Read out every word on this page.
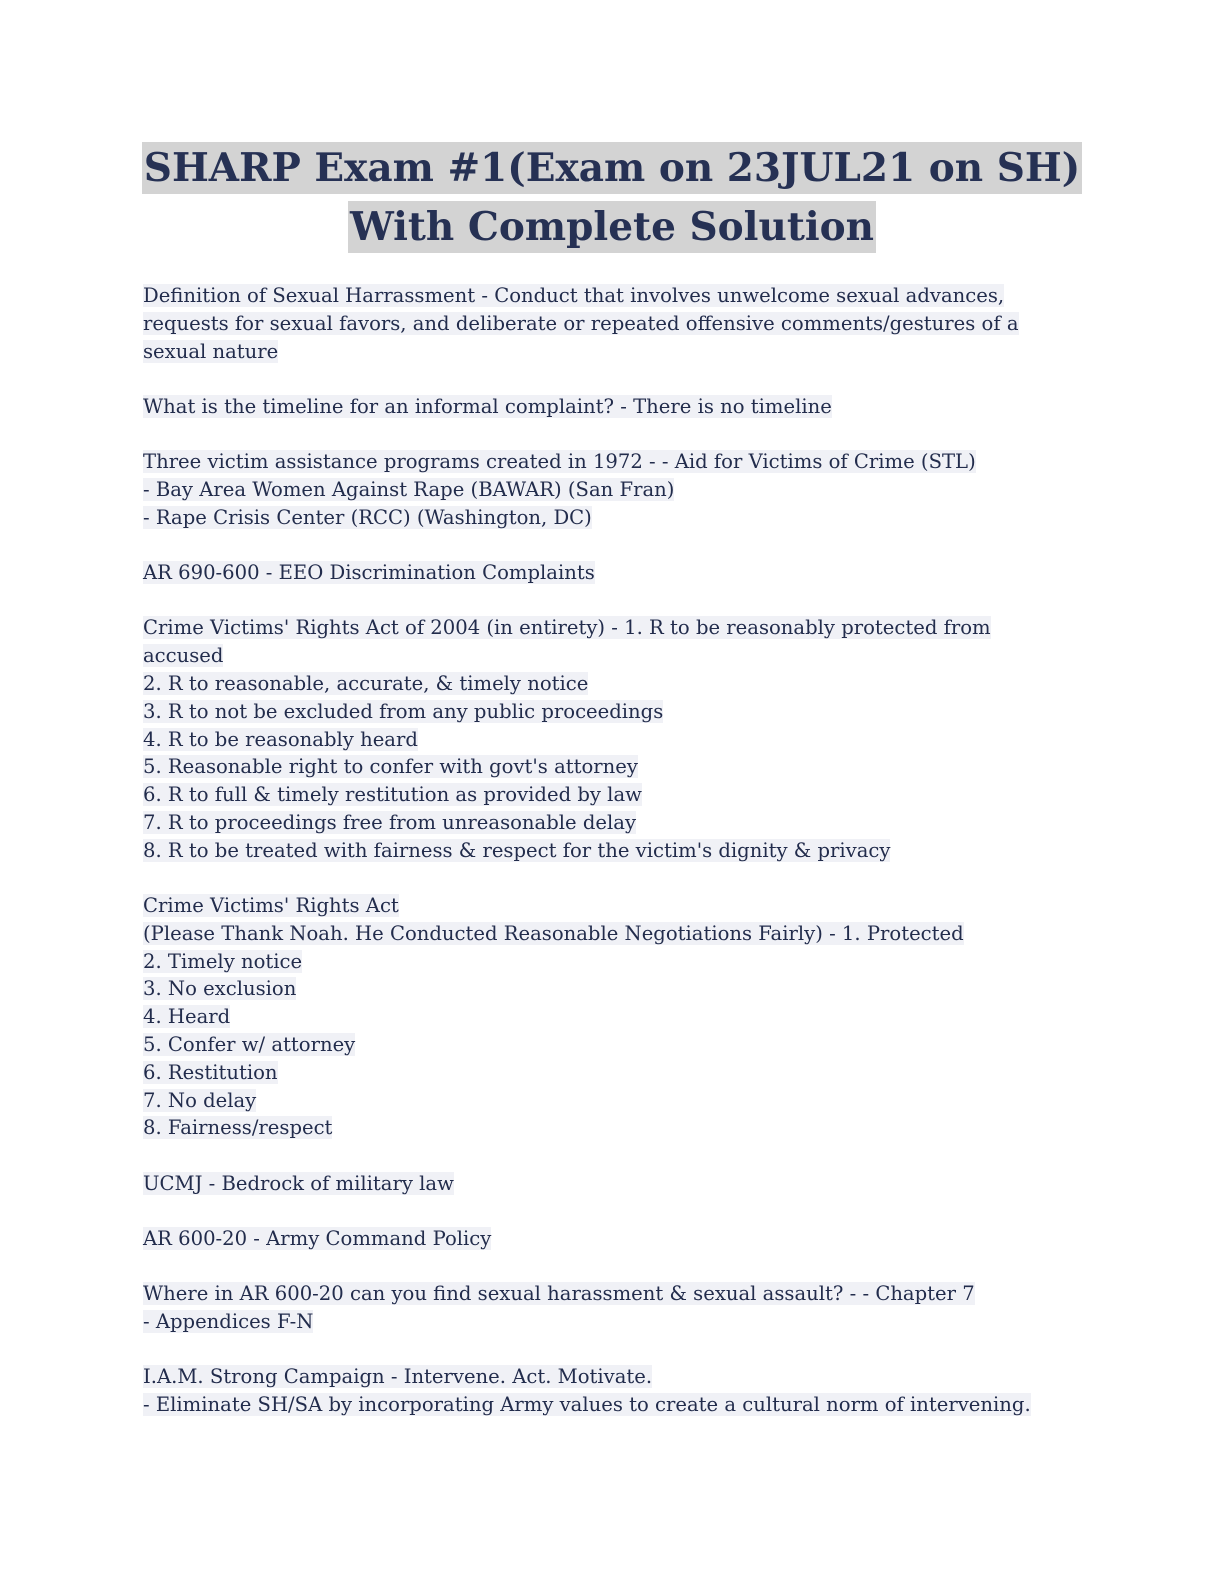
SHARP Exam #1(Exam on 23JUL21 on SH)
With Complete Solution
Definition of Sexual Harrassment - Conduct that involves unwelcome sexual advances,
requests for sexual favors, and deliberate or repeated offensive comments/gestures of a
sexual nature
What is the timeline for an informal complaint? - There is no timeline
Three victim assistance programs created in 1972 - - Aid for Victims of Crime (STL)
- Bay Area Women Against Rape (BAWAR) (San Fran)
- Rape Crisis Center (RCC) (Washington, DC)
AR 690-600 - EEO Discrimination Complaints
Crime Victims' Rights Act of 2004 (in entirety) - 1. R to be reasonably protected from
accused
2. R to reasonable, accurate, & timely notice
3. R to not be excluded from any public proceedings
4. R to be reasonably heard
5. Reasonable right to confer with govt's attorney
6. R to full & timely restitution as provided by law
7. R to proceedings free from unreasonable delay
8. R to be treated with fairness & respect for the victim's dignity & privacy
Crime Victims' Rights Act
(Please Thank Noah. He Conducted Reasonable Negotiations Fairly) - 1. Protected
2. Timely notice
3. No exclusion
4. Heard
5. Confer w/ attorney
6. Restitution
7. No delay
8. Fairness/respect
UCMJ - Bedrock of military law
AR 600-20 - Army Command Policy
Where in AR 600-20 can you find sexual harassment & sexual assault? - - Chapter 7
- Appendices F-N
I.A.M. Strong Campaign - Intervene. Act. Motivate.
- Eliminate SH/SA by incorporating Army values to create a cultural norm of intervening.
